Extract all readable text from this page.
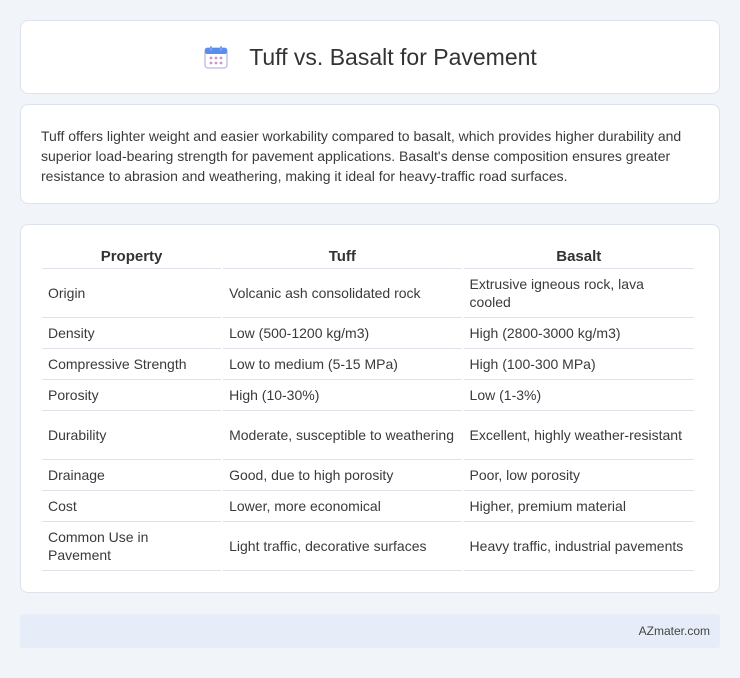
Tuff vs. Basalt for Pavement

Tuff offers lighter weight and easier workability compared to basalt, which provides higher durability and superior load-bearing strength for pavement applications. Basalt's dense composition ensures greater resistance to abrasion and weathering, making it ideal for heavy-traffic road surfaces.

Property	Tuff	Basalt
Origin	Volcanic ash consolidated rock	Extrusive igneous rock, lava cooled
Density	Low (500-1200 kg/m3)	High (2800-3000 kg/m3)
Compressive Strength	Low to medium (5-15 MPa)	High (100-300 MPa)
Porosity	High (10-30%)	Low (1-3%)
Durability	Moderate, susceptible to weathering	Excellent, highly weather-resistant
Drainage	Good, due to high porosity	Poor, low porosity
Cost	Lower, more economical	Higher, premium material
Common Use in Pavement	Light traffic, decorative surfaces	Heavy traffic, industrial pavements
AZmater.com
